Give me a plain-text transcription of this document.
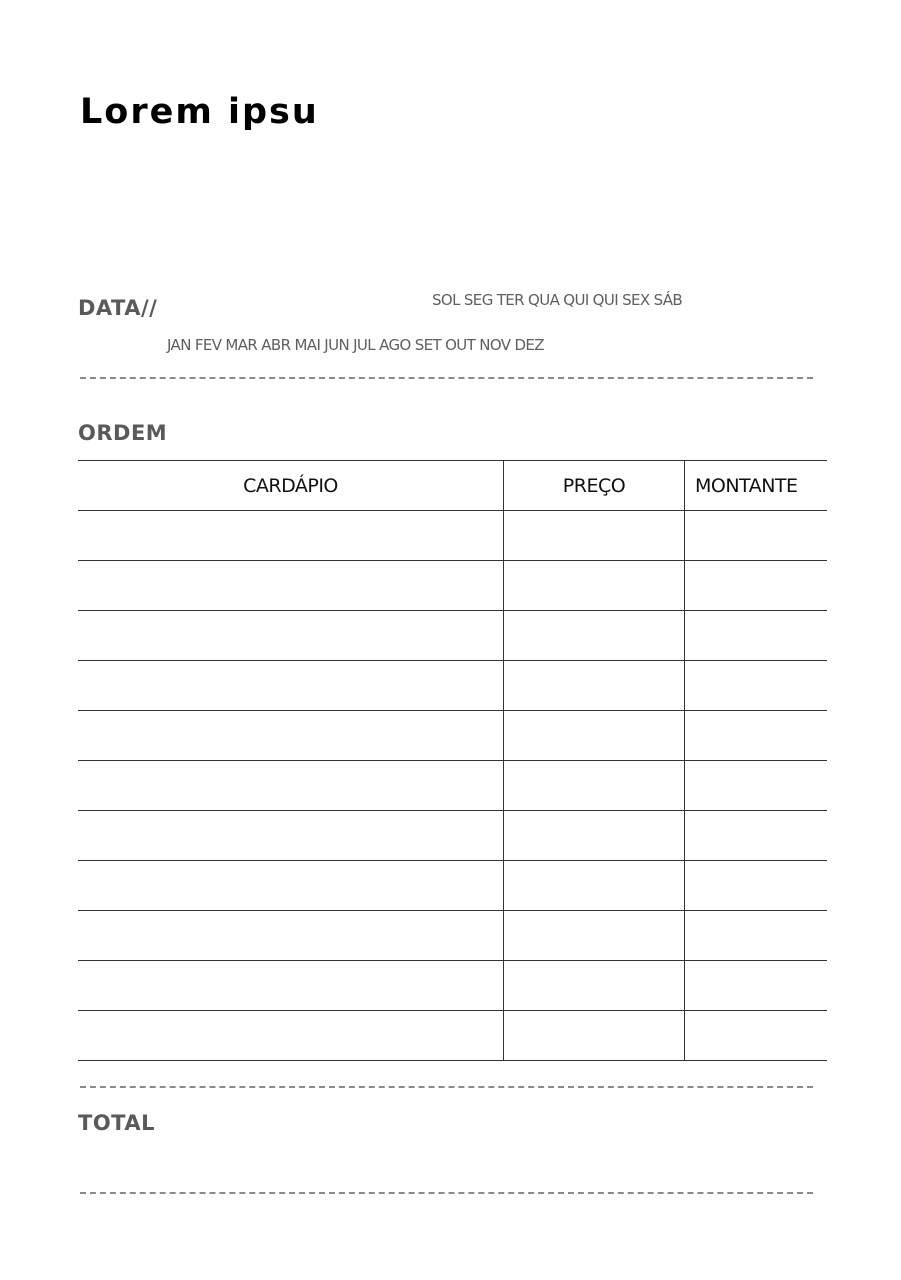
Lorem ipsu
DATA//	SOL SEG TER QUA QUI QUI SEX SÁB
JAN FEV MAR ABR MAI JUN JUL AGO SET OUT NOV DEZ
ORDEM
CARDÁPIO	PREÇO	MONTANTE

TOTAL
